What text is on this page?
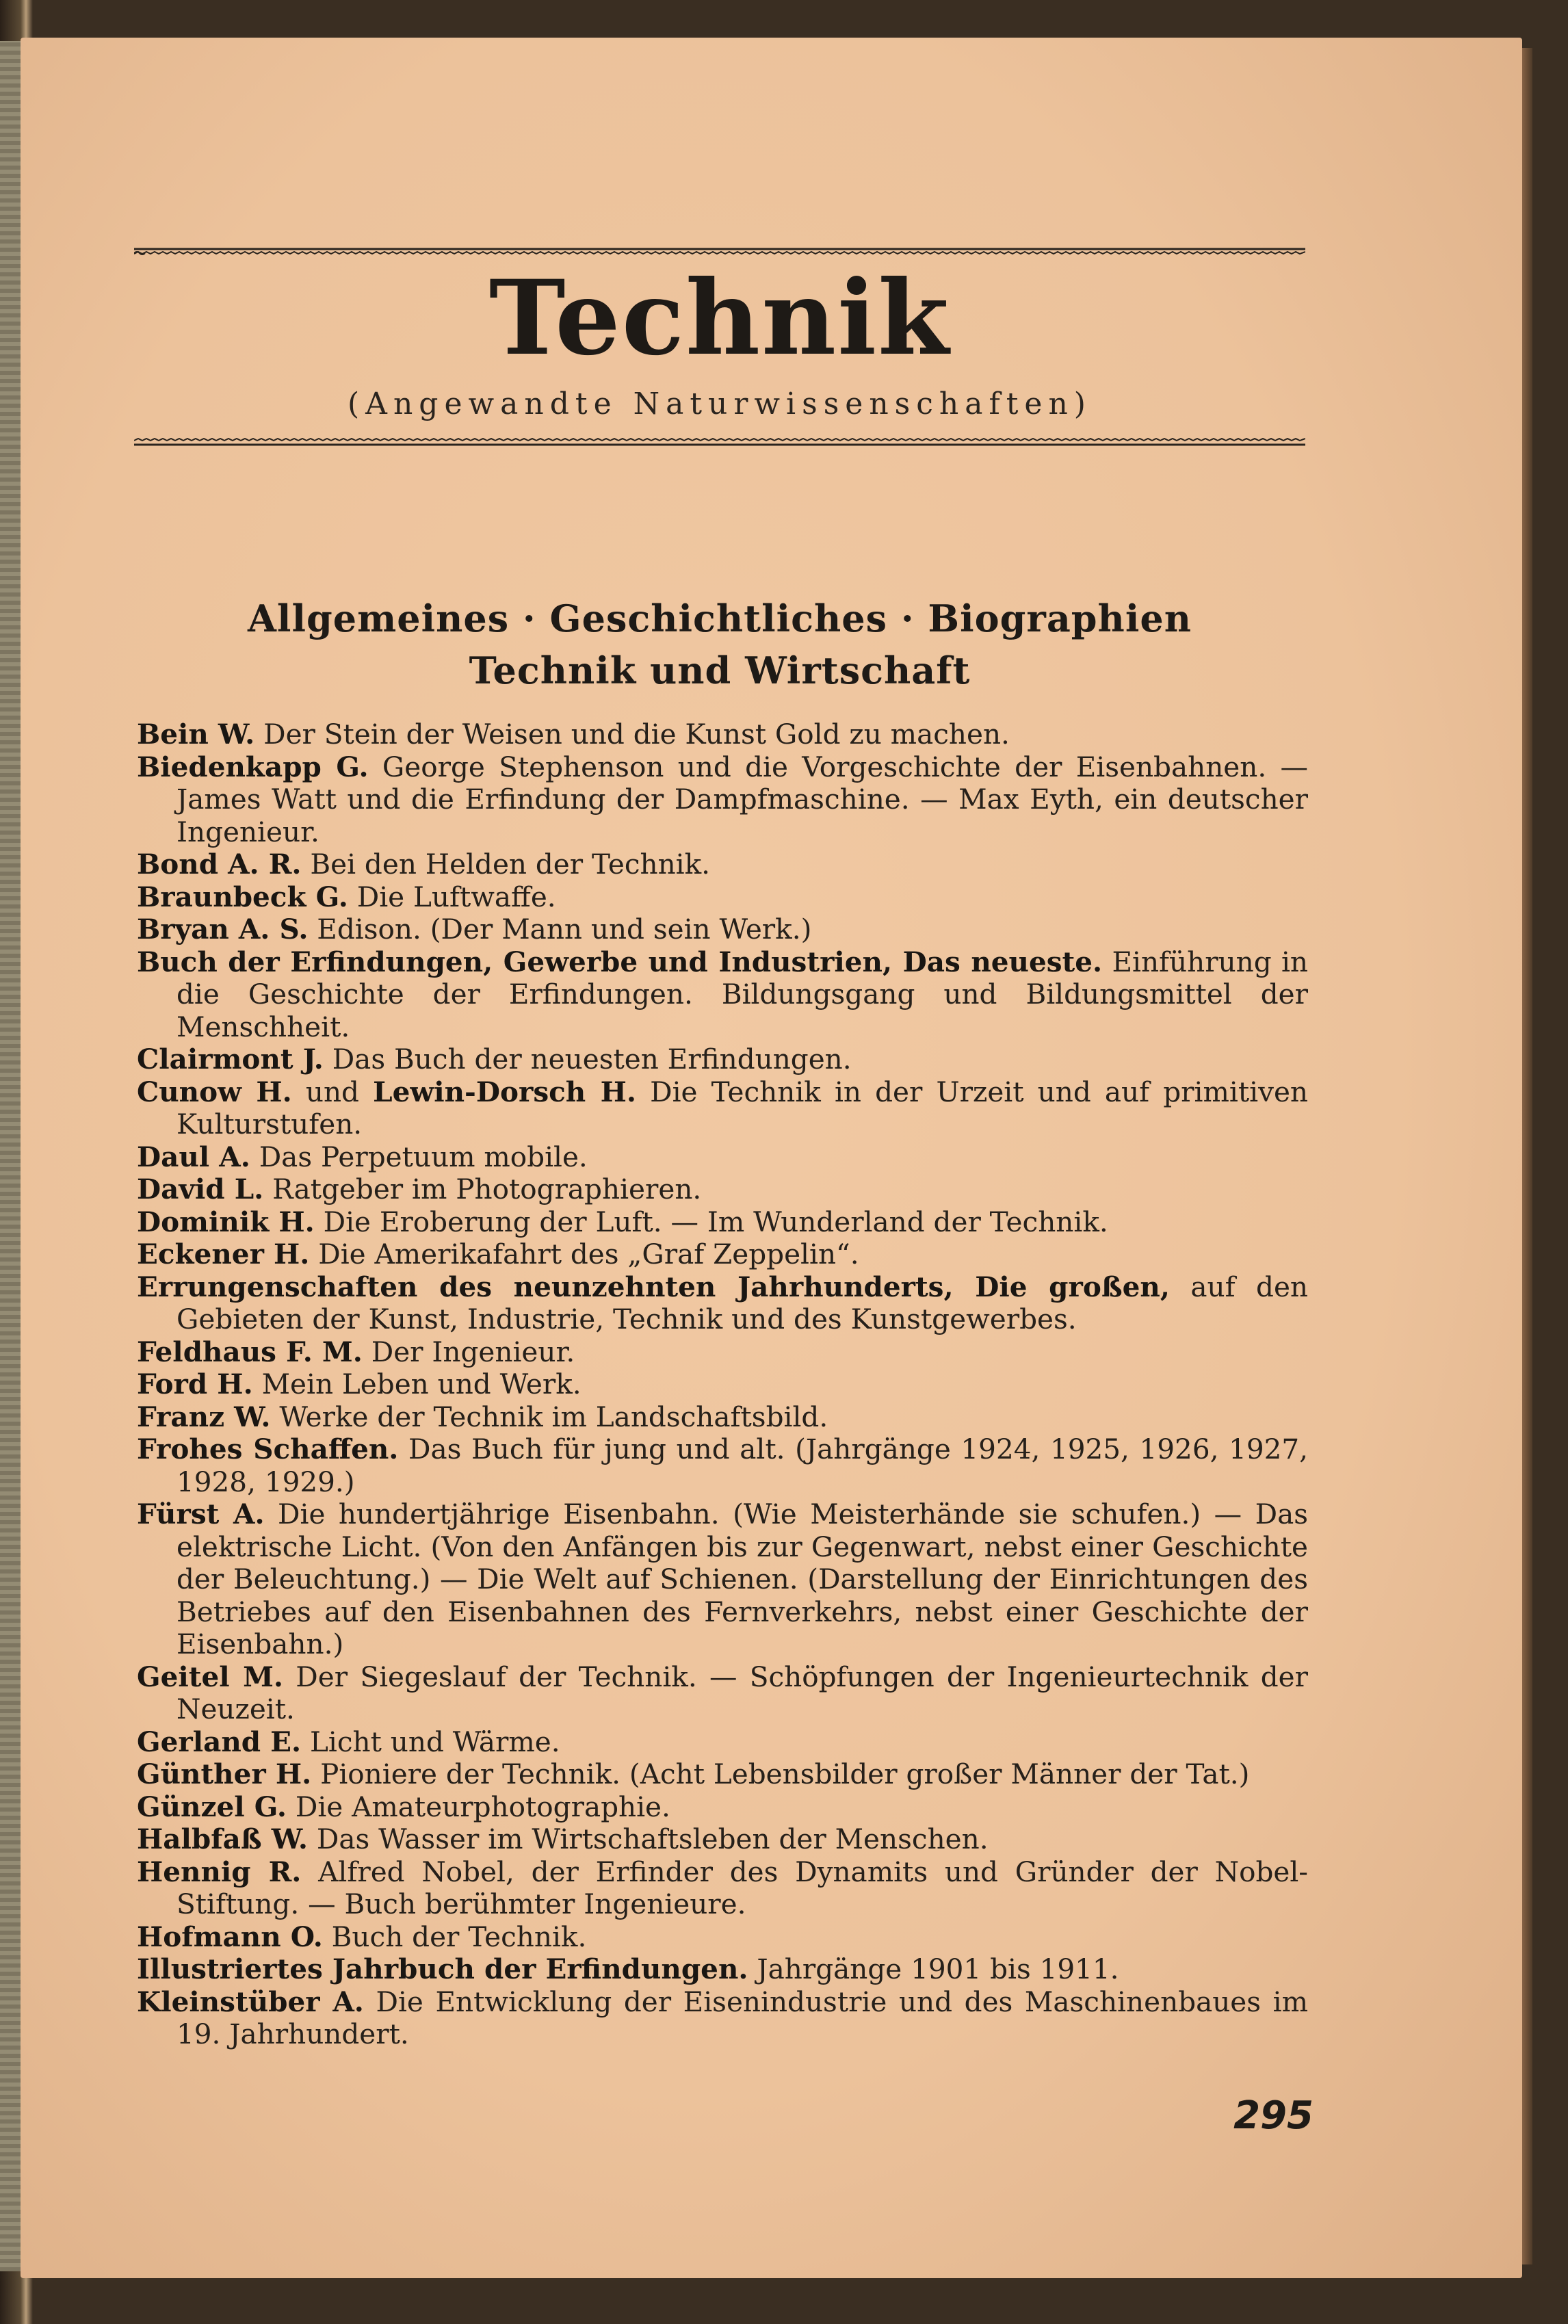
Technik
(Angewandte Naturwissenschaften)
Allgemeines · Geschichtliches · Biographien
Technik und Wirtschaft
Bein W. Der Stein der Weisen und die Kunst Gold zu machen.
Biedenkapp G. George Stephenson und die Vorgeschichte der Eisenbahnen. — James Watt und die Erfindung der Dampfmaschine. — Max Eyth, ein deutscher Ingenieur.
Bond A. R. Bei den Helden der Technik.
Braunbeck G. Die Luftwaffe.
Bryan A. S. Edison. (Der Mann und sein Werk.)
Buch der Erfindungen, Gewerbe und Industrien, Das neueste. Einführung in die Geschichte der Erfindungen. Bildungsgang und Bildungsmittel der Menschheit.
Clairmont J. Das Buch der neuesten Erfindungen.
Cunow H. und Lewin-Dorsch H. Die Technik in der Urzeit und auf primitiven Kulturstufen.
Daul A. Das Perpetuum mobile.
David L. Ratgeber im Photographieren.
Dominik H. Die Eroberung der Luft. — Im Wunderland der Technik.
Eckener H. Die Amerikafahrt des „Graf Zeppelin“.
Errungenschaften des neunzehnten Jahrhunderts, Die großen, auf den Gebieten der Kunst, Industrie, Technik und des Kunstgewerbes.
Feldhaus F. M. Der Ingenieur.
Ford H. Mein Leben und Werk.
Franz W. Werke der Technik im Landschaftsbild.
Frohes Schaffen. Das Buch für jung und alt. (Jahrgänge 1924, 1925, 1926, 1927, 1928, 1929.)
Fürst A. Die hundertjährige Eisenbahn. (Wie Meisterhände sie schufen.) — Das elektrische Licht. (Von den Anfängen bis zur Gegenwart, nebst einer Geschichte der Beleuchtung.) — Die Welt auf Schienen. (Darstellung der Einrichtungen des Betriebes auf den Eisenbahnen des Fernverkehrs, nebst einer Geschichte der Eisenbahn.)
Geitel M. Der Siegeslauf der Technik. — Schöpfungen der Ingenieurtechnik der Neuzeit.
Gerland E. Licht und Wärme.
Günther H. Pioniere der Technik. (Acht Lebensbilder großer Männer der Tat.)
Günzel G. Die Amateurphotographie.
Halbfaß W. Das Wasser im Wirtschaftsleben der Menschen.
Hennig R. Alfred Nobel, der Erfinder des Dynamits und Gründer der Nobel-Stiftung. — Buch berühmter Ingenieure.
Hofmann O. Buch der Technik.
Illustriertes Jahrbuch der Erfindungen. Jahrgänge 1901 bis 1911.
Kleinstüber A. Die Entwicklung der Eisenindustrie und des Maschinenbaues im 19. Jahrhundert.
295
